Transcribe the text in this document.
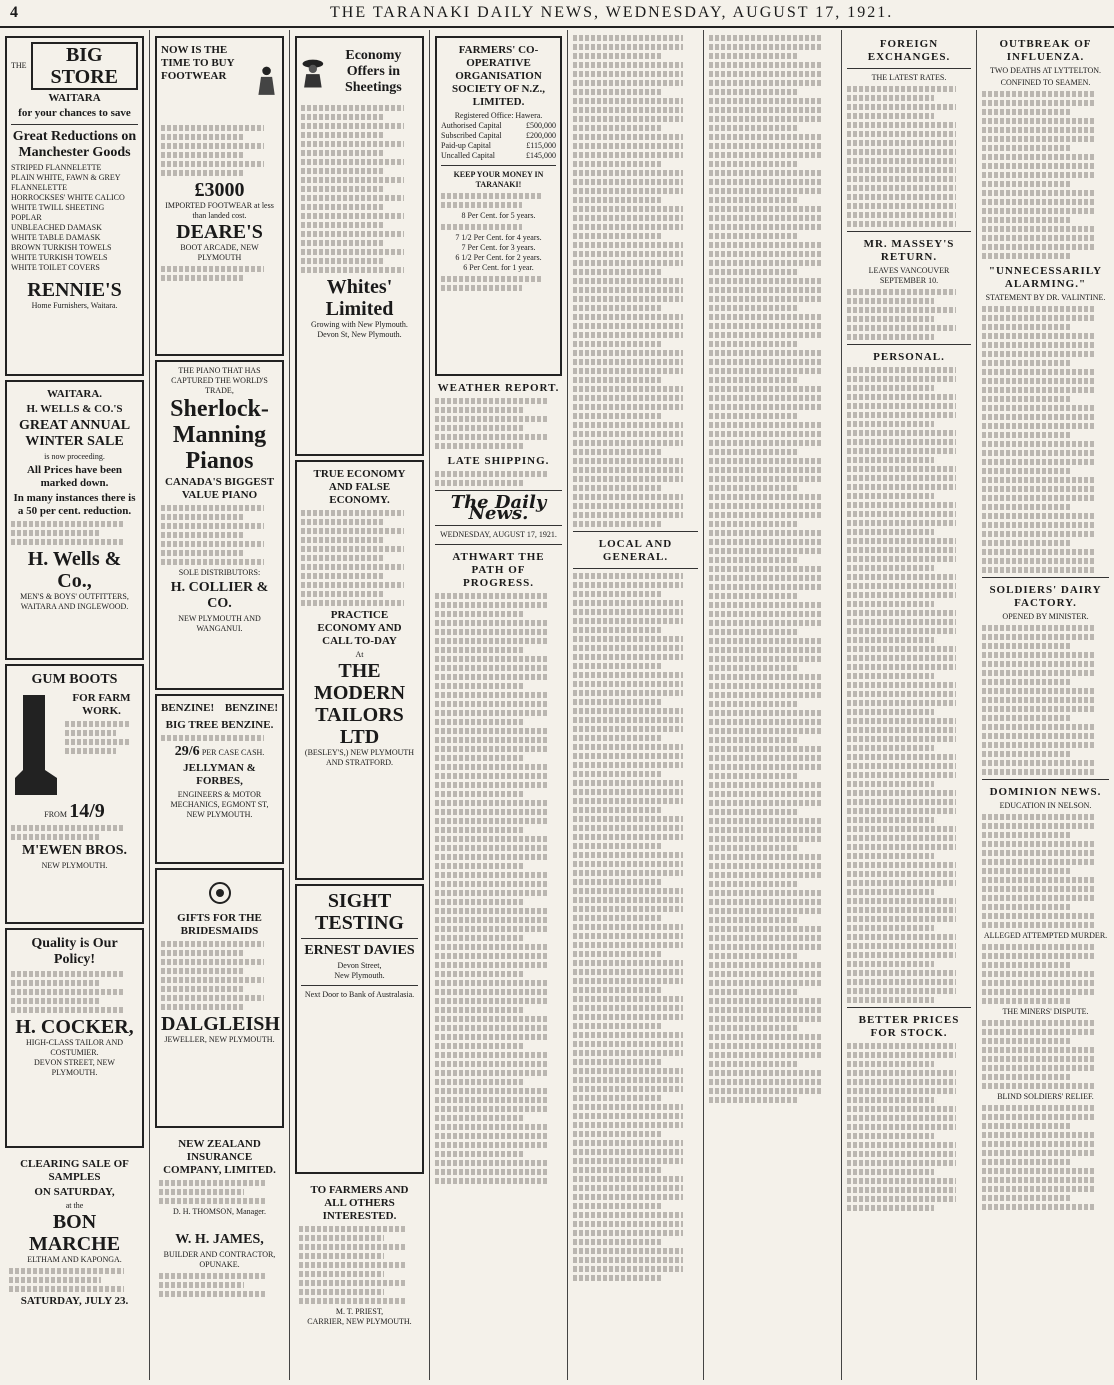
4	THE TARANAKI DAILY NEWS, WEDNESDAY, AUGUST 17, 1921.
THE	BIG STORE
WAITARA
for your chances to save
Great Reductions on Manchester Goods
STRIPED FLANNELETTE
PLAIN WHITE, FAWN & GREY FLANNELETTE
HORROCKSES' WHITE CALICO
WHITE TWILL SHEETING
POPLAR
UNBLEACHED DAMASK
WHITE TABLE DAMASK
BROWN TURKISH TOWELS
WHITE TURKISH TOWELS
WHITE TOILET COVERS
RENNIE'S
Home Furnishers, Waitara.
WAITARA.
H. WELLS & CO.'S
GREAT ANNUAL WINTER SALE
is now proceeding.
All Prices have been marked down.
In many instances there is a 50 per cent. reduction.
H. Wells & Co.,
MEN'S & BOYS' OUTFITTERS, WAITARA AND INGLEWOOD.
GUM BOOTS
FOR FARM WORK.
FROM 14/9
M'EWEN BROS.
NEW PLYMOUTH.
Quality is Our Policy!
H. COCKER,
HIGH-CLASS TAILOR AND COSTUMIER.
DEVON STREET, NEW PLYMOUTH.
CLEARING SALE OF SAMPLES
ON SATURDAY,
at the
BON MARCHE
ELTHAM AND KAPONGA.
SATURDAY, JULY 23.
NOW IS THE TIME TO BUY FOOTWEAR
£3000
IMPORTED FOOTWEAR at less than landed cost.
DEARE'S
BOOT ARCADE, NEW PLYMOUTH
THE PIANO THAT HAS CAPTURED THE WORLD'S TRADE,
Sherlock-Manning Pianos
CANADA'S BIGGEST VALUE PIANO
SOLE DISTRIBUTORS:
H. COLLIER & CO.
NEW PLYMOUTH AND WANGANUI.
BENZINE! BENZINE!
BIG TREE BENZINE.
29/6 PER CASE CASH.
JELLYMAN & FORBES,
ENGINEERS & MOTOR MECHANICS, EGMONT ST, NEW PLYMOUTH.
GIFTS FOR THE BRIDESMAIDS
DALGLEISH
JEWELLER, NEW PLYMOUTH.
NEW ZEALAND INSURANCE COMPANY, LIMITED.
D. H. THOMSON, Manager.
W. H. JAMES,
BUILDER AND CONTRACTOR, OPUNAKE.
Economy Offers in Sheetings
Whites' Limited
Growing with New Plymouth.
Devon St, New Plymouth.
TRUE ECONOMY AND FALSE ECONOMY.
PRACTICE ECONOMY AND CALL TO-DAY
At
THE MODERN TAILORS LTD
(BESLEY'S,) NEW PLYMOUTH AND STRATFORD.
SIGHT TESTING
ERNEST DAVIES
Devon Street,
New Plymouth.
Next Door to Bank of Australasia.
TO FARMERS AND ALL OTHERS INTERESTED.
M. T. PRIEST,
CARRIER, NEW PLYMOUTH.
FARMERS' CO-OPERATIVE ORGANISATION SOCIETY OF N.Z., LIMITED.
Registered Office: Hawera.
Authorised Capital	£500,000
Subscribed Capital	£200,000
Paid-up Capital	£115,000
Uncalled Capital	£145,000
KEEP YOUR MONEY IN TARANAKI!
8 Per Cent. for 5 years.
7 1/2 Per Cent. for 4 years.
7 Per Cent. for 3 years.
6 1/2 Per Cent. for 2 years.
6 Per Cent. for 1 year.
WEATHER REPORT.
LATE SHIPPING.
The Daily News.
WEDNESDAY, AUGUST 17, 1921.
ATHWART THE PATH OF PROGRESS.
LOCAL AND GENERAL.
FOREIGN EXCHANGES.
THE LATEST RATES.
MR. MASSEY'S RETURN.
LEAVES VANCOUVER SEPTEMBER 10.
PERSONAL.
BETTER PRICES FOR STOCK.
OUTBREAK OF INFLUENZA.
TWO DEATHS AT LYTTELTON.
CONFINED TO SEAMEN.
"UNNECESSARILY ALARMING."
STATEMENT BY DR. VALINTINE.
SOLDIERS' DAIRY FACTORY.
OPENED BY MINISTER.
DOMINION NEWS.
EDUCATION IN NELSON.
ALLEGED ATTEMPTED MURDER.
THE MINERS' DISPUTE.
BLIND SOLDIERS' RELIEF.
